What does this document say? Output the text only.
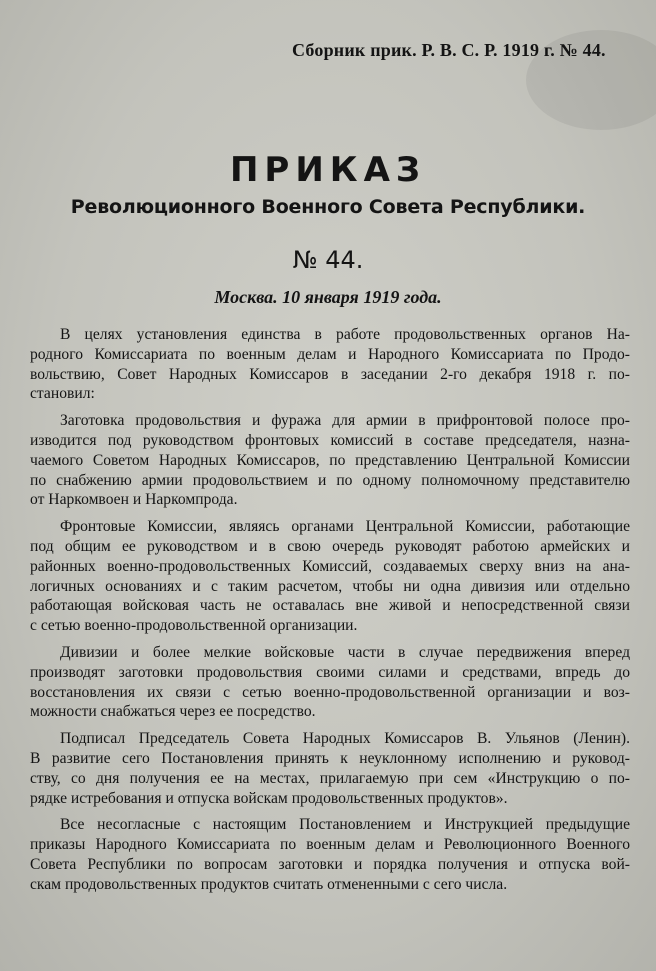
Сборник прик. Р. В. С. Р. 1919 г. № 44.
ПРИКАЗ
Революционного Военного Совета Республики.
№ 44.
Москва. 10 января 1919 года.

В целях установления единства в работе продовольственных органов На-
родного Комиссариата по военным делам и Народного Комиссариата по Продо-
вольствию, Совет Народных Комиссаров в заседании 2-го декабря 1918 г. по-
становил:

Заготовка продовольствия и фуража для армии в прифронтовой полосе про-
изводится под руководством фронтовых комиссий в составе председателя, назна-
чаемого Советом Народных Комиссаров, по представлению Центральной Комиссии
по снабжению армии продовольствием и по одному полномочному представителю
от Наркомвоен и Наркомпрода.

Фронтовые Комиссии, являясь органами Центральной Комиссии, работающие
под общим ее руководством и в свою очередь руководят работою армейских и
районных военно-продовольственных Комиссий, создаваемых сверху вниз на ана-
логичных основаниях и с таким расчетом, чтобы ни одна дивизия или отдельно
работающая войсковая часть не оставалась вне живой и непосредственной связи
с сетью военно-продовольственной организации.

Дивизии и более мелкие войсковые части в случае передвижения вперед
производят заготовки продовольствия своими силами и средствами, впредь до
восстановления их связи с сетью военно-продовольственной организации и воз-
можности снабжаться через ее посредство.

Подписал Председатель Совета Народных Комиссаров В. Ульянов (Ленин).
В развитие сего Постановления принять к неуклонному исполнению и руковод-
ству, со дня получения ее на местах, прилагаемую при сем «Инструкцию о по-
рядке истребования и отпуска войскам продовольственных продуктов».

Все несогласные с настоящим Постановлением и Инструкцией предыдущие
приказы Народного Комиссариата по военным делам и Революционного Военного
Совета Республики по вопросам заготовки и порядка получения и отпуска вой-
скам продовольственных продуктов считать отмененными с сего числа.
